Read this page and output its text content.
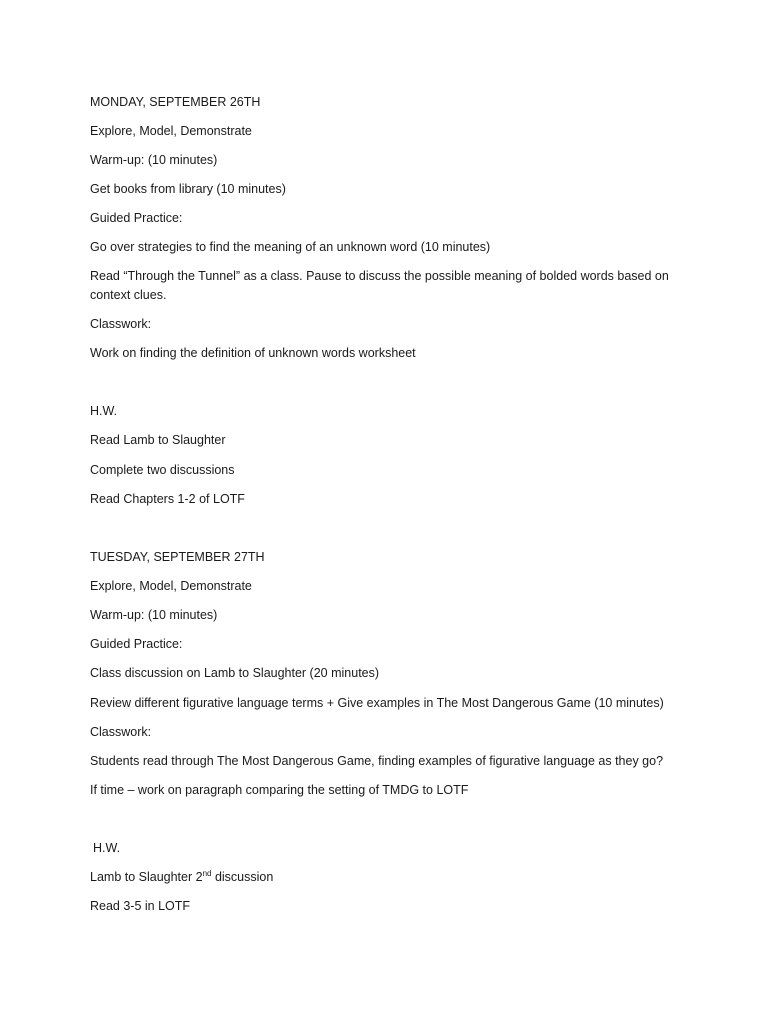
MONDAY, SEPTEMBER 26TH
Explore, Model, Demonstrate
Warm-up: (10 minutes)
Get books from library (10 minutes)
Guided Practice:
Go over strategies to find the meaning of an unknown word (10 minutes)
Read “Through the Tunnel” as a class. Pause to discuss the possible meaning of bolded words based on context clues.
Classwork:
Work on finding the definition of unknown words worksheet
H.W.
Read Lamb to Slaughter
Complete two discussions
Read Chapters 1-2 of LOTF
TUESDAY, SEPTEMBER 27TH
Explore, Model, Demonstrate
Warm-up: (10 minutes)
Guided Practice:
Class discussion on Lamb to Slaughter (20 minutes)
Review different figurative language terms + Give examples in The Most Dangerous Game (10 minutes)
Classwork:
Students read through The Most Dangerous Game, finding examples of figurative language as they go?
If time – work on paragraph comparing the setting of TMDG to LOTF
H.W.
Lamb to Slaughter 2nd discussion
Read 3-5 in LOTF
